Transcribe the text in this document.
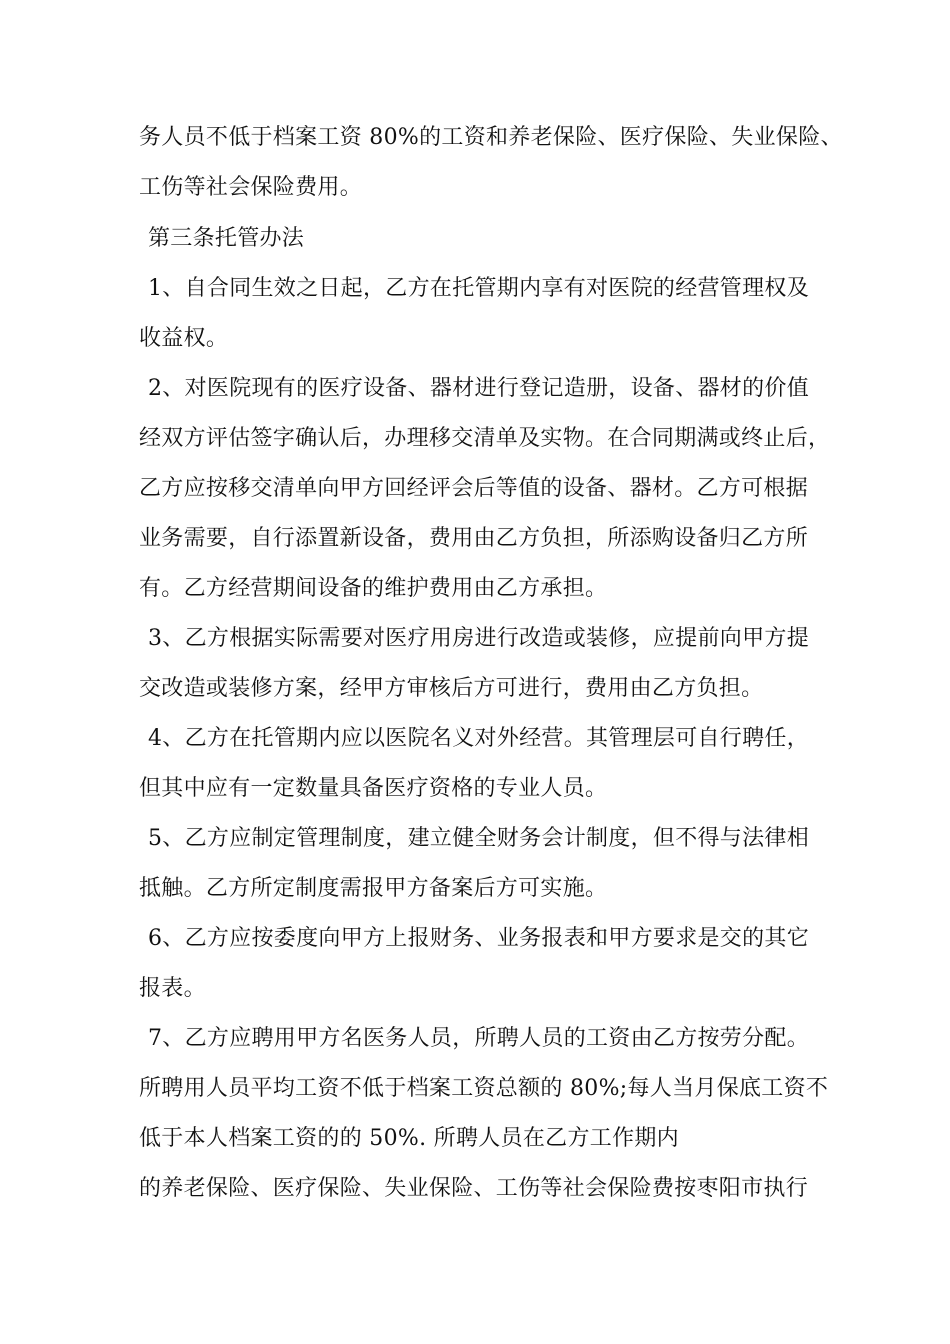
务人员不低于档案工资 80%的工资和养老保险、医疗保险、失业保险、
工伤等社会保险费用。
第三条托管办法
1、自合同生效之日起，乙方在托管期内享有对医院的经营管理权及
收益权。
2、对医院现有的医疗设备、器材进行登记造册，设备、器材的价值
经双方评估签字确认后，办理移交清单及实物。在合同期满或终止后，
乙方应按移交清单向甲方回经评会后等值的设备、器材。乙方可根据
业务需要，自行添置新设备，费用由乙方负担，所添购设备归乙方所
有。乙方经营期间设备的维护费用由乙方承担。
3、乙方根据实际需要对医疗用房进行改造或装修，应提前向甲方提
交改造或装修方案，经甲方审核后方可进行，费用由乙方负担。
4、乙方在托管期内应以医院名义对外经营。其管理层可自行聘任，
但其中应有一定数量具备医疗资格的专业人员。
5、乙方应制定管理制度，建立健全财务会计制度，但不得与法律相
抵触。乙方所定制度需报甲方备案后方可实施。
6、乙方应按委度向甲方上报财务、业务报表和甲方要求是交的其它
报表。
7、乙方应聘用甲方名医务人员，所聘人员的工资由乙方按劳分配。
所聘用人员平均工资不低于档案工资总额的 80%;每人当月保底工资不
低于本人档案工资的的 50%. 所聘人员在乙方工作期内
的养老保险、医疗保险、失业保险、工伤等社会保险费按枣阳市执行
